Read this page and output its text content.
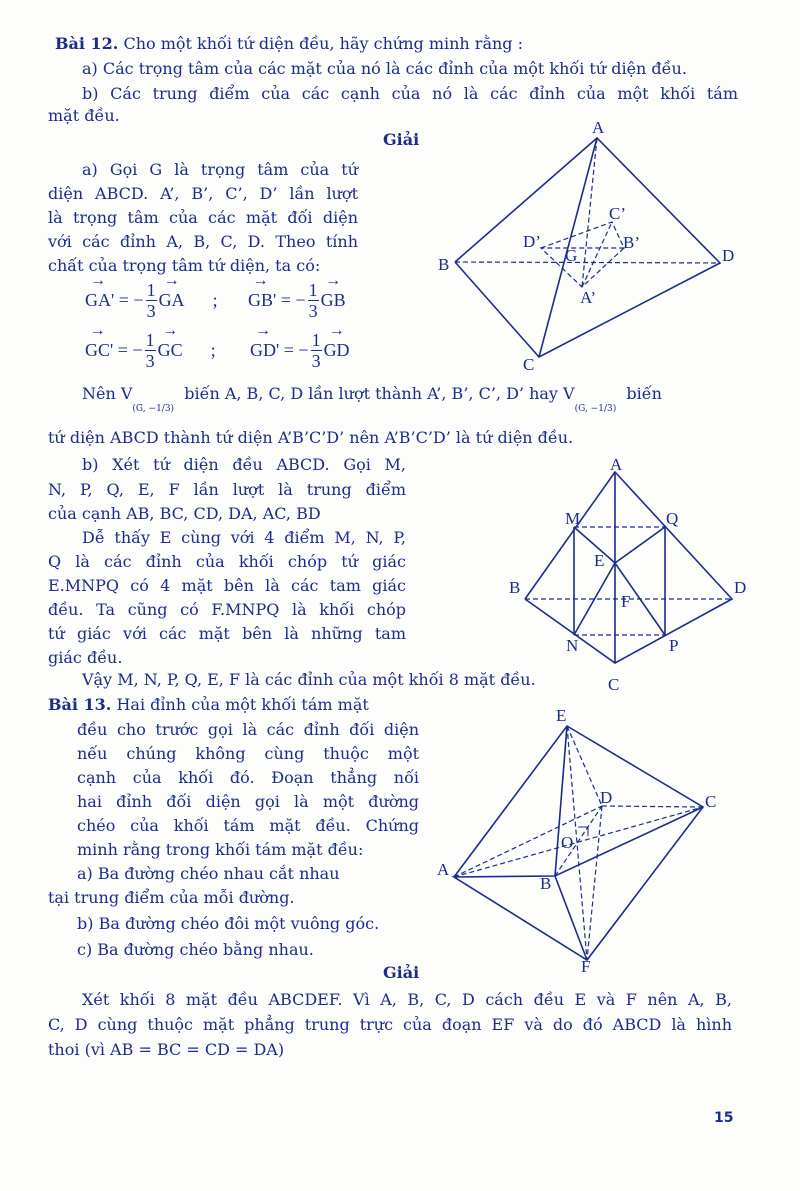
Bài 12. Cho một khối tứ diện đều, hãy chứng minh rằng :
a) Các trọng tâm của các mặt của nó là các đỉnh của một khối tứ diện đều.
b) Các trung điểm của các cạnh của nó là các đỉnh của một khối tám
mặt đều.
Giải
a) Gọi G là trọng tâm của tứ
diện ABCD. A’, B’, C’, D’ lần lượt
là trọng tâm của các mặt đối diện
với các đỉnh A, B, C, D. Theo tính
chất của trọng tâm tứ diện, ta có:
→ GA '
= − $\frac{1}{3}$ → GA ; → GB '
= − $\frac{1}{3}$ → GB
→ GC '
= − $\frac{1}{3}$ → GC ; → GD '
= − $\frac{1}{3}$ → GD
Nên $V_{(G, -1/3)}$  biến A, B, C, D lần lượt thành A’, B’, C’, D’ hay $V_{(G, -1/3)}$  biến
tứ diện ABCD thành tứ diện A’B’C’D’ nên A’B’C’D’ là tứ diện đều.
b) Xét tứ diện đều ABCD. Gọi M,
N, P, Q, E, F lần lượt là trung điểm
của cạnh AB, BC, CD, DA, AC, BD
Dễ thấy E cùng với 4 điểm M, N, P,
Q là các đỉnh của khối chóp tứ giác
E.MNPQ có 4 mặt bên là các tam giác
đều. Ta cũng có F.MNPQ là khối chóp
tứ giác với các mặt bên là những tam
giác đều.
Vậy M, N, P, Q, E, F là các đỉnh của một khối 8 mặt đều.
Bài 13. Hai đỉnh của một khối tám mặt
đều cho trước gọi là các đỉnh đối diện
nếu chúng không cùng thuộc một
cạnh của khối đó. Đoạn thẳng nối
hai đỉnh đối diện gọi là một đường
chéo của khối tám mặt đều. Chứng
minh rằng trong khối tám mặt đều:
a) Ba đường chéo nhau cắt nhau
tại trung điểm của mỗi đường.
b) Ba đường chéo đôi một vuông góc.
c) Ba đường chéo bằng nhau.
Giải
Xét khối 8 mặt đều ABCDEF. Vì A, B, C, D cách đều E và F nên A, B,
C, D cùng thuộc mặt phẳng trung trực của đoạn EF và do đó ABCD là hình
thoi (vì AB = BC = CD = DA)
15
A
B
C
D
A’
B’
C’
D’
G
A
B
C
D
M
N	P
Q
E
F
A
B
C
D
E
F
O
